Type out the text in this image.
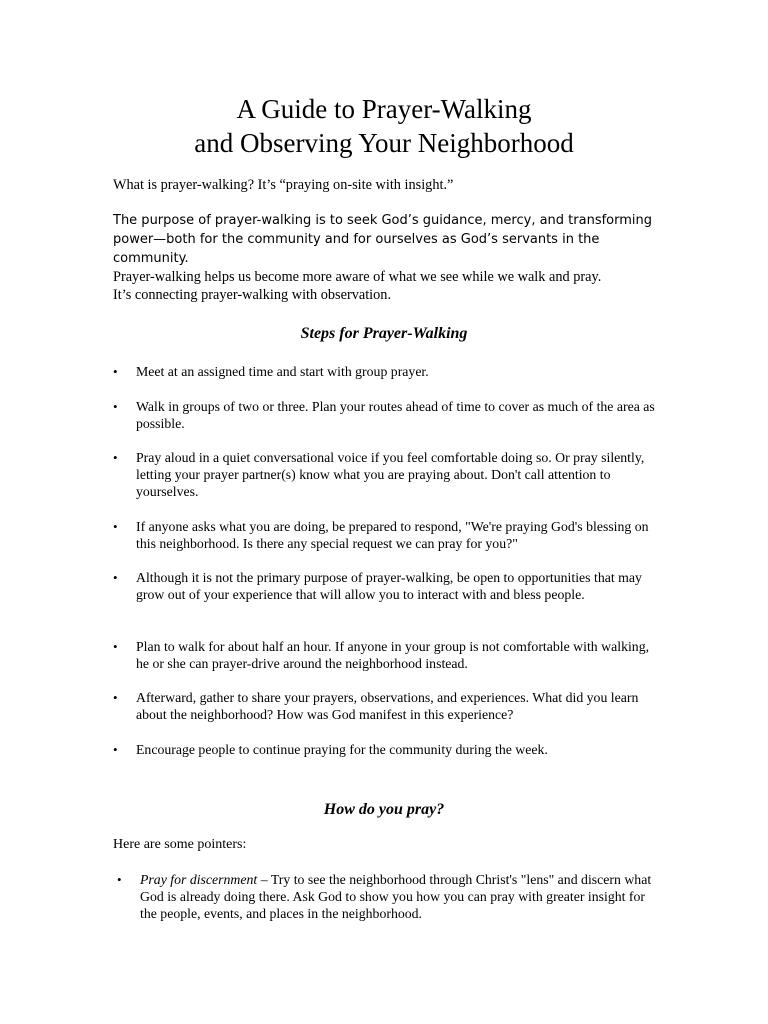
A Guide to Prayer-Walking
and Observing Your Neighborhood

What is prayer-walking? It’s “praying on-site with insight.”

The purpose of prayer-walking is to seek God’s guidance, mercy, and transforming
power—both for the community and for ourselves as God’s servants in the community.
Prayer-walking helps us become more aware of what we see while we walk and pray.
It’s connecting prayer-walking with observation.

Steps for Prayer-Walking
•	Meet at an assigned time and start with group prayer.
•	Walk in groups of two or three. Plan your routes ahead of time to cover as much of the area as possible.
•	Pray aloud in a quiet conversational voice if you feel comfortable doing so. Or pray silently, letting your prayer partner(s) know what you are praying about. Don't call attention to yourselves.
•	If anyone asks what you are doing, be prepared to respond, "We're praying God's blessing on this neighborhood. Is there any special request we can pray for you?"
•	Although it is not the primary purpose of prayer-walking, be open to opportunities that may grow out of your experience that will allow you to interact with and bless people.
•	Plan to walk for about half an hour. If anyone in your group is not comfortable with walking, he or she can prayer-drive around the neighborhood instead.
•	Afterward, gather to share your prayers, observations, and experiences. What did you learn about the neighborhood? How was God manifest in this experience?
•	Encourage people to continue praying for the community during the week.
How do you pray?

Here are some pointers:

• Pray for discernment – Try to see the neighborhood through Christ's "lens" and discern what God is already doing there. Ask God to show you how you can pray with greater insight for the people, events, and places in the neighborhood.
